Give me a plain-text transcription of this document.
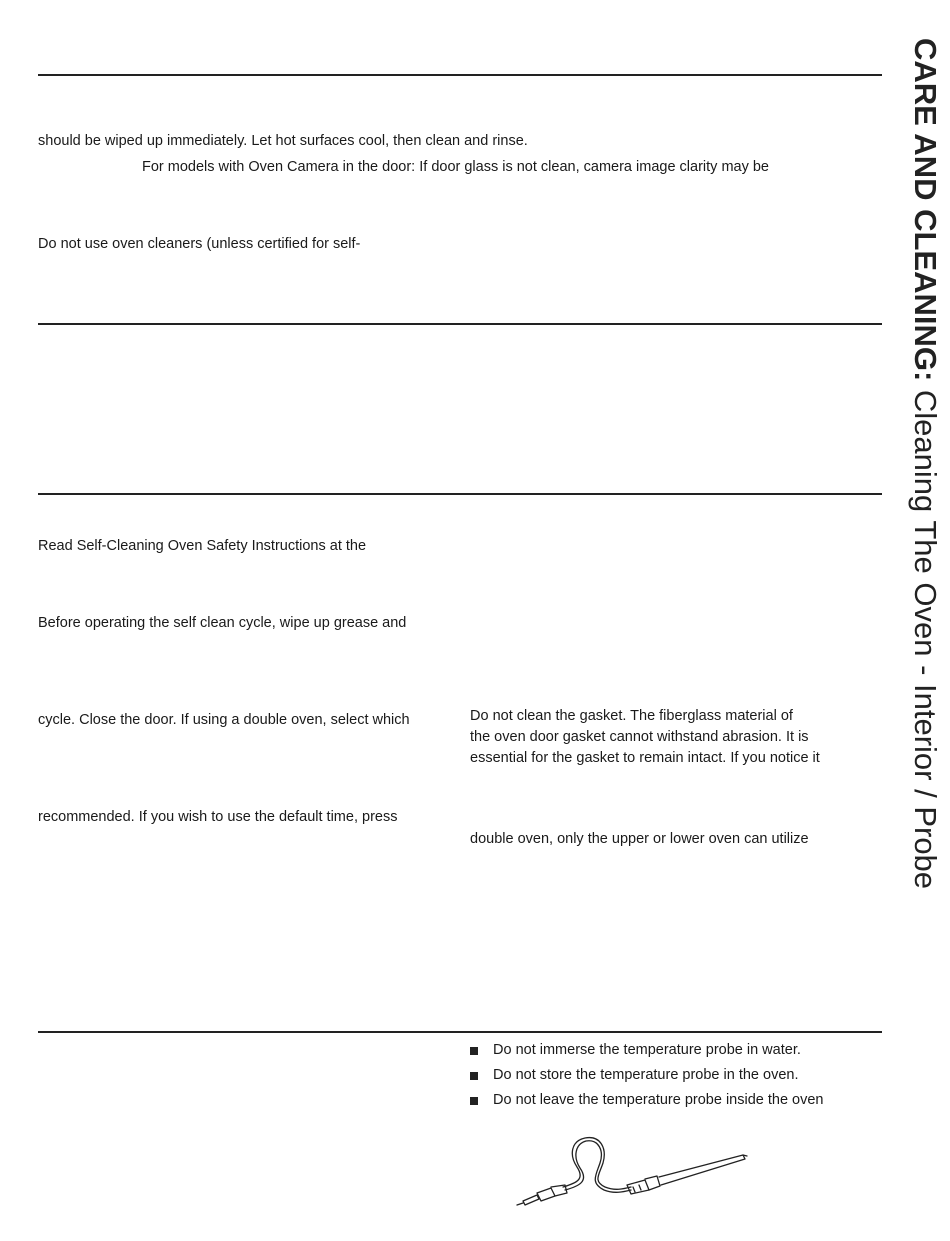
should be wiped up immediately. Let hot surfaces cool, then clean and rinse.
For models with Oven Camera in the door: If door glass is not clean, camera image clarity may be
Do not use oven cleaners (unless certified for self-
Read Self-Cleaning Oven Safety Instructions at the
Before operating the self clean cycle, wipe up grease and
cycle. Close the door. If using a double oven, select which
recommended. If you wish to use the default time, press
Do not clean the gasket. The fiberglass material of
the oven door gasket cannot withstand abrasion. It is
essential for the gasket to remain intact. If you notice it
double oven, only the upper or lower oven can utilize
Do not immerse the temperature probe in water.
Do not store the temperature probe in the oven.
Do not leave the temperature probe inside the oven
CARE AND CLEANING: Cleaning The Oven - Interior / Probe
